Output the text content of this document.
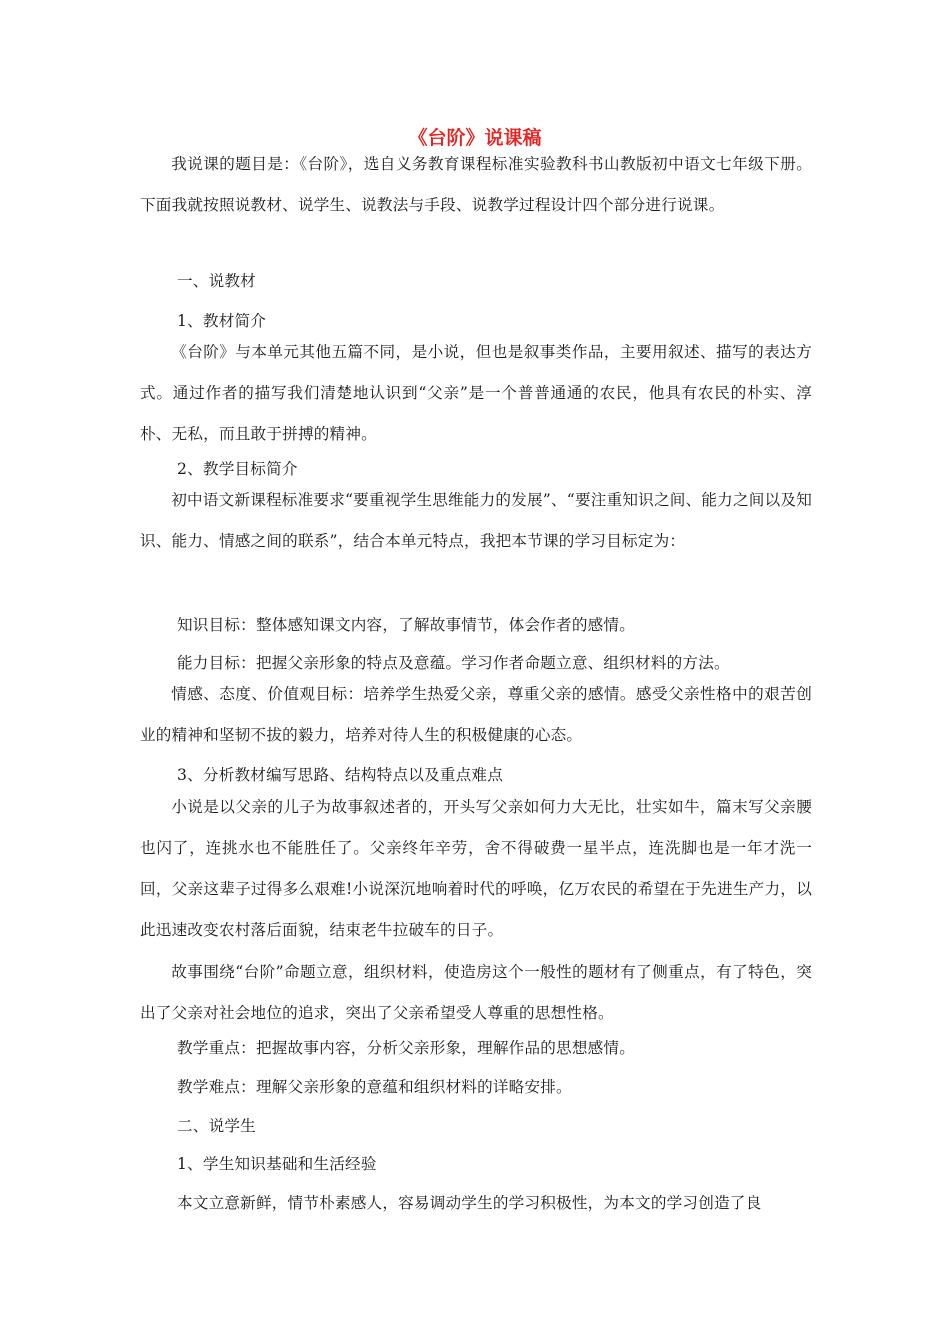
《台阶》说课稿
我说课的题目是：《台阶》，选自义务教育课程标准实验教科书山教版初中语文七年级下册。下面我就按照说教材、说学生、说教法与手段、说教学过程设计四个部分进行说课。
一、说教材
1、教材简介
《台阶》与本单元其他五篇不同，是小说，但也是叙事类作品，主要用叙述、描写的表达方式。通过作者的描写我们清楚地认识到“父亲”是一个普普通通的农民，他具有农民的朴实、淳朴、无私，而且敢于拼搏的精神。
2、教学目标简介
初中语文新课程标准要求“要重视学生思维能力的发展”、“要注重知识之间、能力之间以及知识、能力、情感之间的联系”，结合本单元特点，我把本节课的学习目标定为：
知识目标：整体感知课文内容，了解故事情节，体会作者的感情。
能力目标：把握父亲形象的特点及意蕴。学习作者命题立意、组织材料的方法。
情感、态度、价值观目标：培养学生热爱父亲，尊重父亲的感情。感受父亲性格中的艰苦创业的精神和坚韧不拔的毅力，培养对待人生的积极健康的心态。
3、分析教材编写思路、结构特点以及重点难点
小说是以父亲的儿子为故事叙述者的，开头写父亲如何力大无比，壮实如牛，篇末写父亲腰也闪了，连挑水也不能胜任了。父亲终年辛劳，舍不得破费一星半点，连洗脚也是一年才洗一回，父亲这辈子过得多么艰难!小说深沉地响着时代的呼唤，亿万农民的希望在于先进生产力，以此迅速改变农村落后面貌，结束老牛拉破车的日子。
故事围绕“台阶”命题立意，组织材料，使造房这个一般性的题材有了侧重点，有了特色，突出了父亲对社会地位的追求，突出了父亲希望受人尊重的思想性格。
教学重点：把握故事内容，分析父亲形象，理解作品的思想感情。
教学难点：理解父亲形象的意蕴和组织材料的详略安排。
二、说学生
1、学生知识基础和生活经验
本文立意新鲜，情节朴素感人，容易调动学生的学习积极性，为本文的学习创造了良
